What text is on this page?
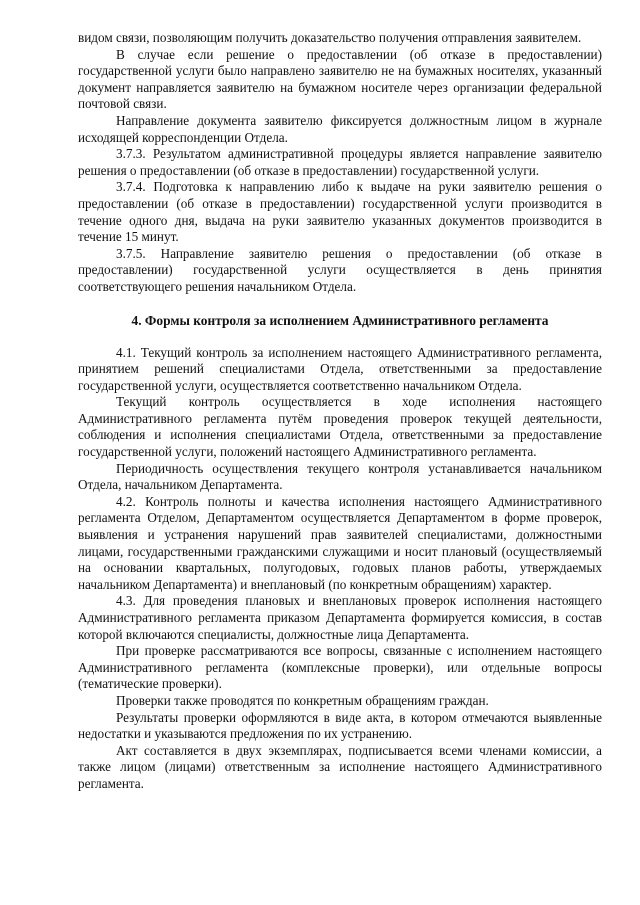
видом связи, позволяющим получить доказательство получения отправления заявителем.

В случае если решение о предоставлении (об отказе в предоставлении) государственной услуги было направлено заявителю не на бумажных носителях, указанный документ направляется заявителю на бумажном носителе через организации федеральной почтовой связи.

Направление документа заявителю фиксируется должностным лицом в журнале исходящей корреспонденции Отдела.

3.7.3. Результатом административной процедуры является направление заявителю решения о предоставлении (об отказе в предоставлении) государственной услуги.

3.7.4. Подготовка к направлению либо к выдаче на руки заявителю решения о предоставлении (об отказе в предоставлении) государственной услуги производится в течение одного дня, выдача на руки заявителю указанных документов производится в течение 15 минут.

3.7.5. Направление заявителю решения о предоставлении (об отказе в предоставлении) государственной услуги осуществляется в день принятия соответствующего решения начальником Отдела.

4. Формы контроля за исполнением Административного регламента

4.1. Текущий контроль за исполнением настоящего Административного регламента, принятием решений специалистами Отдела, ответственными за предоставление государственной услуги, осуществляется соответственно начальником Отдела.

Текущий контроль осуществляется в ходе исполнения настоящего Административного регламента путём проведения проверок текущей деятельности, соблюдения и исполнения специалистами Отдела, ответственными за предоставление государственной услуги, положений настоящего Административного регламента.

Периодичность осуществления текущего контроля устанавливается начальником Отдела, начальником Департамента.

4.2. Контроль полноты и качества исполнения настоящего Административного регламента Отделом, Департаментом осуществляется Департаментом в форме проверок, выявления и устранения нарушений прав заявителей специалистами, должностными лицами, государственными гражданскими служащими и носит плановый (осуществляемый на основании квартальных, полугодовых, годовых планов работы, утверждаемых начальником Департамента) и внеплановый (по конкретным обращениям) характер.

4.3. Для проведения плановых и внеплановых проверок исполнения настоящего Административного регламента приказом Департамента формируется комиссия, в состав которой включаются специалисты, должностные лица Департамента.

При проверке рассматриваются все вопросы, связанные с исполнением настоящего Административного регламента (комплексные проверки), или отдельные вопросы (тематические проверки).

Проверки также проводятся по конкретным обращениям граждан.

Результаты проверки оформляются в виде акта, в котором отмечаются выявленные недостатки и указываются предложения по их устранению.

Акт составляется в двух экземплярах, подписывается всеми членами комиссии, а также лицом (лицами) ответственным за исполнение настоящего Административного регламента.
